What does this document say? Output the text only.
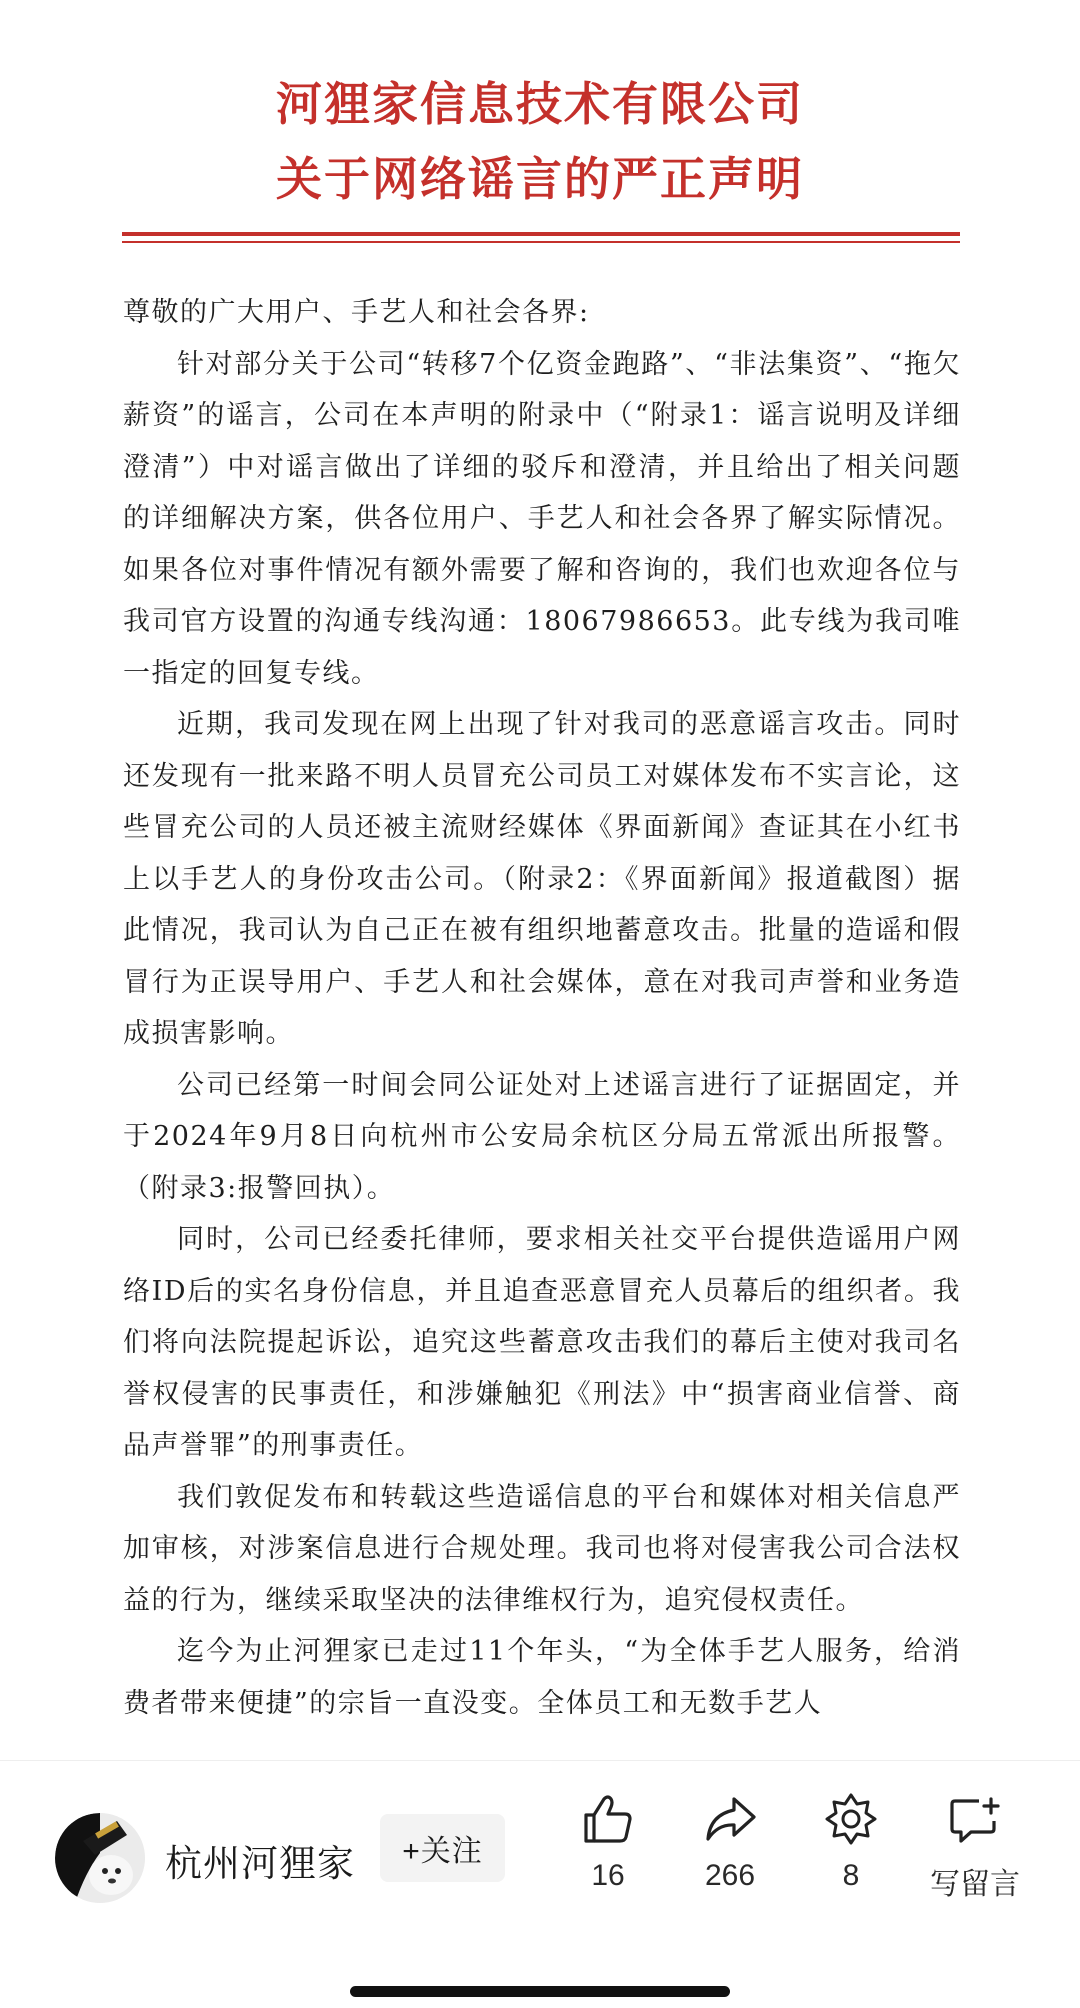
河狸家信息技术有限公司
关于网络谣言的严正声明

尊敬的广大用户、手艺人和社会各界:

针对部分关于公司“转移7个亿资金跑路”、“非法集资”、“拖欠薪资”的谣言，公司在本声明的附录中（“附录1：谣言说明及详细澄清”）中对谣言做出了详细的驳斥和澄清，并且给出了相关问题的详细解决方案，供各位用户、手艺人和社会各界了解实际情况。如果各位对事件情况有额外需要了解和咨询的，我们也欢迎各位与我司官方设置的沟通专线沟通：18067986653。此专线为我司唯一指定的回复专线。

近期，我司发现在网上出现了针对我司的恶意谣言攻击。同时还发现有一批来路不明人员冒充公司员工对媒体发布不实言论，这些冒充公司的人员还被主流财经媒体《界面新闻》查证其在小红书上以手艺人的身份攻击公司。（附录2：《界面新闻》报道截图）据此情况，我司认为自己正在被有组织地蓄意攻击。批量的造谣和假冒行为正误导用户、手艺人和社会媒体，意在对我司声誉和业务造成损害影响。

公司已经第一时间会同公证处对上述谣言进行了证据固定，并于2024年9月8日向杭州市公安局余杭区分局五常派出所报警。（附录3:报警回执）。

同时，公司已经委托律师，要求相关社交平台提供造谣用户网络ID后的实名身份信息，并且追查恶意冒充人员幕后的组织者。我们将向法院提起诉讼，追究这些蓄意攻击我们的幕后主使对我司名誉权侵害的民事责任，和涉嫌触犯《刑法》中“损害商业信誉、商品声誉罪”的刑事责任。

我们敦促发布和转载这些造谣信息的平台和媒体对相关信息严加审核，对涉案信息进行合规处理。我司也将对侵害我公司合法权益的行为，继续采取坚决的法律维权行为，追究侵权责任。

迄今为止河狸家已走过11个年头，“为全体手艺人服务，给消费者带来便捷”的宗旨一直没变。全体员工和无数手艺人

杭州河狸家	+关注
16	266	8	写留言
